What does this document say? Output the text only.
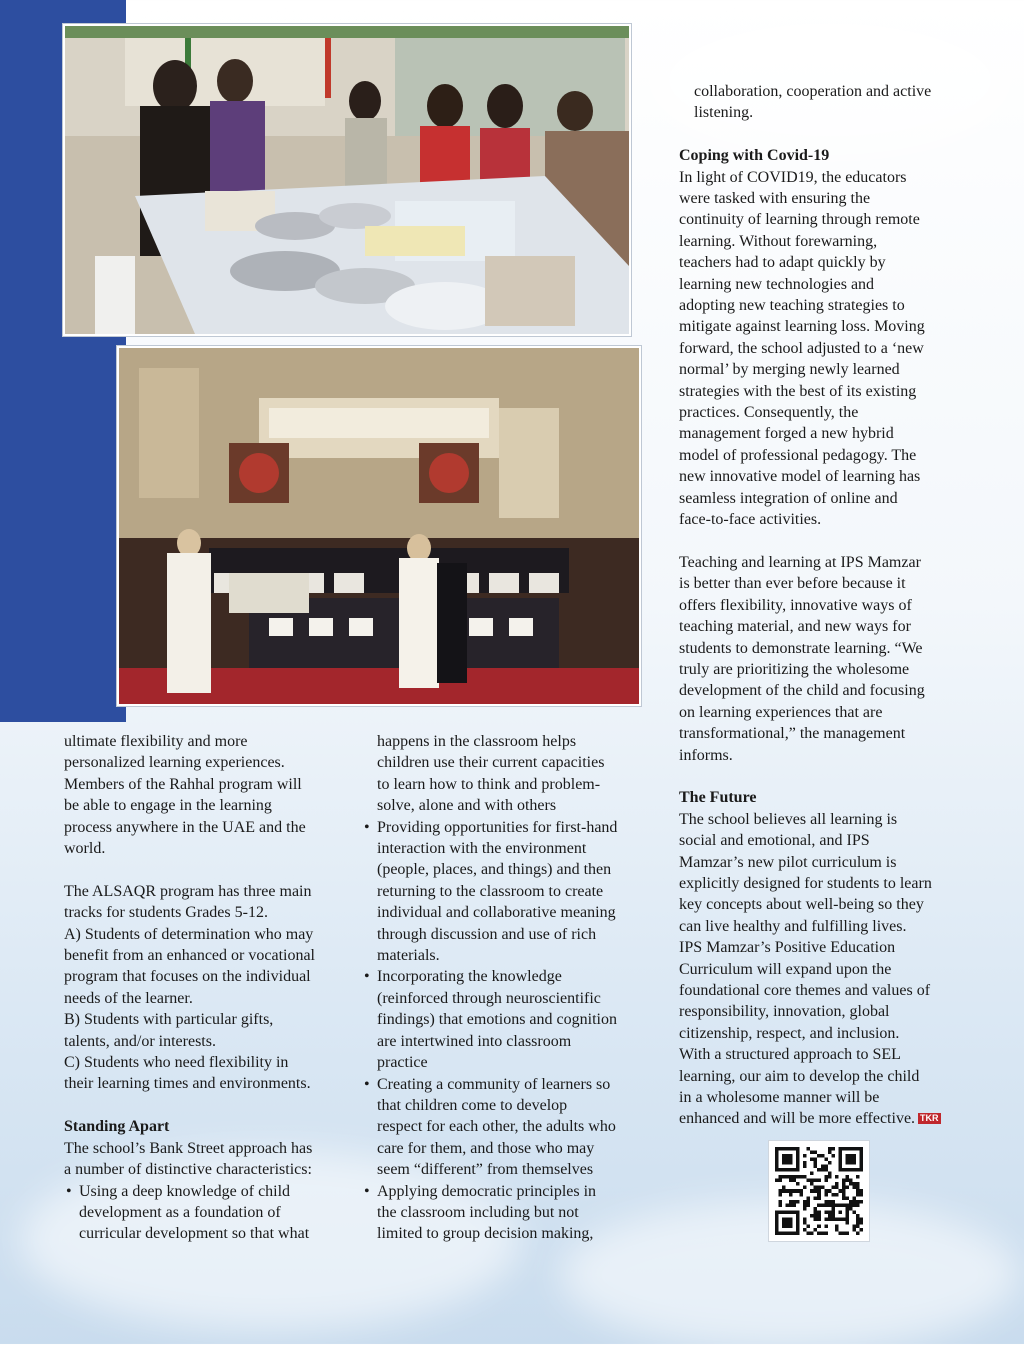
ultimate flexibility and more
personalized learning experiences.
Members of the Rahhal program will
be able to engage in the learning
process anywhere in the UAE and the
world.

The ALSAQR program has three main
tracks for students Grades 5-12.
A) Students of determination who may
benefit from an enhanced or vocational
program that focuses on the individual
needs of the learner.
B) Students with particular gifts,
talents, and/or interests.
C) Students who need flexibility in
their learning times and environments.

Standing Apart

The school’s Bank Street approach has
a number of distinctive characteristics:

• Using a deep knowledge of child
development as a foundation of
curricular development so that what

happens in the classroom helps
children use their current capacities
to learn how to think and problem-
solve, alone and with others

• Providing opportunities for first-hand
interaction with the environment
(people, places, and things) and then
returning to the classroom to create
individual and collaborative meaning
through discussion and use of rich
materials.

• Incorporating the knowledge
(reinforced through neuroscientific
findings) that emotions and cognition
are intertwined into classroom
practice

• Creating a community of learners so
that children come to develop
respect for each other, the adults who
care for them, and those who may
seem “different” from themselves

• Applying democratic principles in
the classroom including but not
limited to group decision making,

collaboration, cooperation and active
listening.

Coping with Covid-19

In light of COVID19, the educators
were tasked with ensuring the
continuity of learning through remote
learning. Without forewarning,
teachers had to adapt quickly by
learning new technologies and
adopting new teaching strategies to
mitigate against learning loss. Moving
forward, the school adjusted to a ‘new
normal’ by merging newly learned
strategies with the best of its existing
practices. Consequently, the
management forged a new hybrid
model of professional pedagogy. The
new innovative model of learning has
seamless integration of online and
face-to-face activities.

Teaching and learning at IPS Mamzar
is better than ever before because it
offers flexibility, innovative ways of
teaching material, and new ways for
students to demonstrate learning. “We
truly are prioritizing the wholesome
development of the child and focusing
on learning experiences that are
transformational,” the management
informs.

The Future

The school believes all learning is
social and emotional, and IPS
Mamzar’s new pilot curriculum is
explicitly designed for students to learn
key concepts about well-being so they
can live healthy and fulfilling lives.
IPS Mamzar’s Positive Education
Curriculum will expand upon the
foundational core themes and values of
responsibility, innovation, global
citizenship, respect, and inclusion.
With a structured approach to SEL
learning, our aim to develop the child
in a wholesome manner will be
enhanced and will be more effective. TKR
